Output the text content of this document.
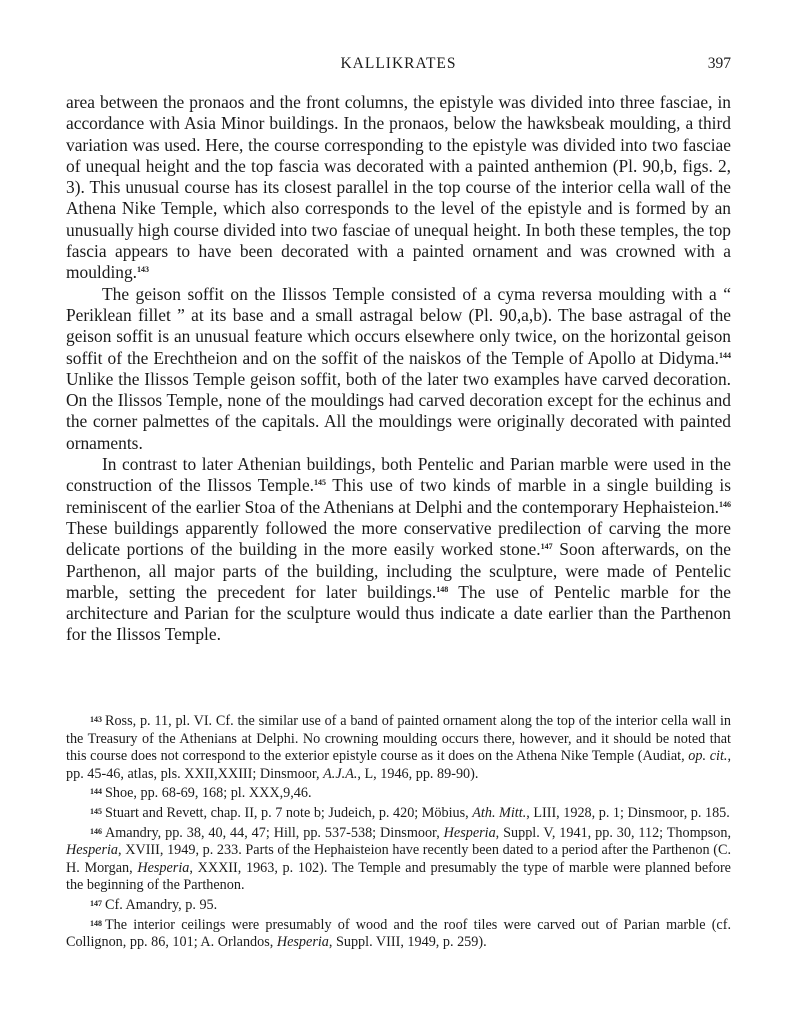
KALLIKRATES	397

area between the pronaos and the front columns, the epistyle was divided into three fasciae, in accordance with Asia Minor buildings. In the pronaos, below the hawksbeak moulding, a third variation was used. Here, the course corresponding to the epistyle was divided into two fasciae of unequal height and the top fascia was decorated with a painted anthemion (Pl. 90,b, figs. 2, 3). This unusual course has its closest parallel in the top course of the interior cella wall of the Athena Nike Temple, which also corresponds to the level of the epistyle and is formed by an unusually high course divided into two fasciae of unequal height. In both these temples, the top fascia appears to have been decorated with a painted ornament and was crowned with a moulding.$^{143}$

The geison soffit on the Ilissos Temple consisted of a cyma reversa moulding with a “ Periklean fillet ” at its base and a small astragal below (Pl. 90,a,b). The base astragal of the geison soffit is an unusual feature which occurs elsewhere only twice, on the horizontal geison soffit of the Erechtheion and on the soffit of the naiskos of the Temple of Apollo at Didyma.$^{144}$ Unlike the Ilissos Temple geison soffit, both of the later two examples have carved decoration. On the Ilissos Temple, none of the mouldings had carved decoration except for the echinus and the corner palmettes of the capitals. All the mouldings were originally decorated with painted ornaments.

In contrast to later Athenian buildings, both Pentelic and Parian marble were used in the construction of the Ilissos Temple.$^{145}$ This use of two kinds of marble in a single building is reminiscent of the earlier Stoa of the Athenians at Delphi and the contemporary Hephaisteion.$^{146}$ These buildings apparently followed the more conservative predilection of carving the more delicate portions of the building in the more easily worked stone.$^{147}$ Soon afterwards, on the Parthenon, all major parts of the building, including the sculpture, were made of Pentelic marble, setting the precedent for later buildings.$^{148}$ The use of Pentelic marble for the architecture and Parian for the sculpture would thus indicate a date earlier than the Parthenon for the Ilissos Temple.

$^{143}$ Ross, p. 11, pl. VI. Cf. the similar use of a band of painted ornament along the top of the interior cella wall in the Treasury of the Athenians at Delphi. No crowning moulding occurs there, however, and it should be noted that this course does not correspond to the exterior epistyle course as it does on the Athena Nike Temple (Audiat, op. cit., pp. 45-46, atlas, pls. XXII,XXIII; Dinsmoor, A.J.A., L, 1946, pp. 89-90).

$^{144}$ Shoe, pp. 68-69, 168; pl. XXX,9,46.

$^{145}$ Stuart and Revett, chap. II, p. 7 note b; Judeich, p. 420; Möbius, Ath. Mitt., LIII, 1928, p. 1; Dinsmoor, p. 185.

$^{146}$ Amandry, pp. 38, 40, 44, 47; Hill, pp. 537-538; Dinsmoor, Hesperia, Suppl. V, 1941, pp. 30, 112; Thompson, Hesperia, XVIII, 1949, p. 233. Parts of the Hephaisteion have recently been dated to a period after the Parthenon (C. H. Morgan, Hesperia, XXXII, 1963, p. 102). The Temple and presumably the type of marble were planned before the beginning of the Parthenon.

$^{147}$ Cf. Amandry, p. 95.

$^{148}$ The interior ceilings were presumably of wood and the roof tiles were carved out of Parian marble (cf. Collignon, pp. 86, 101; A. Orlandos, Hesperia, Suppl. VIII, 1949, p. 259).
